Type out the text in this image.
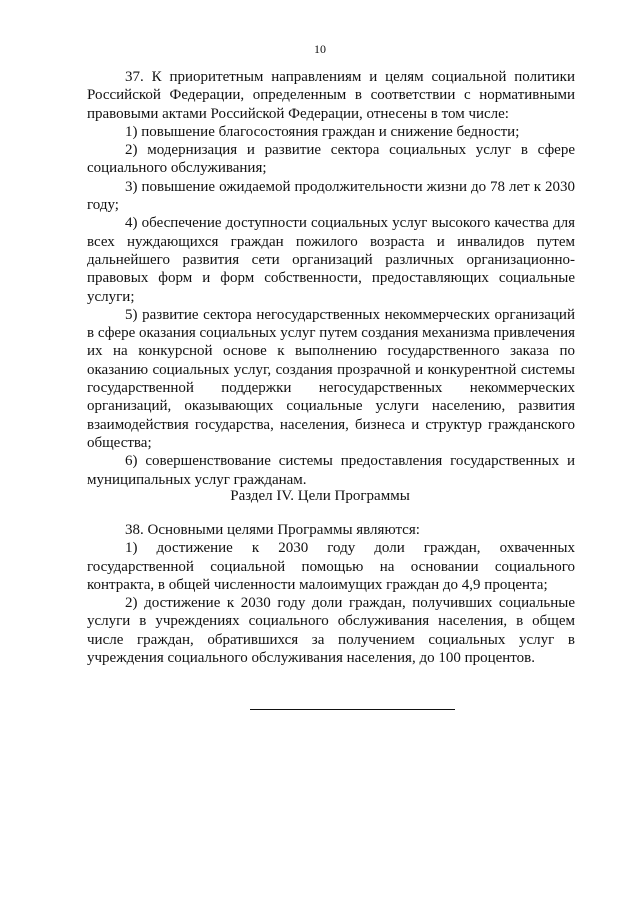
10

37. К приоритетным направлениям и целям социальной политики Российской Федерации, определенным в соответствии с нормативными правовыми актами Российской Федерации, отнесены в том числе:

1) повышение благосостояния граждан и снижение бедности;

2) модернизация и развитие сектора социальных услуг в сфере социального обслуживания;

3) повышение ожидаемой продолжительности жизни до 78 лет к 2030 году;

4) обеспечение доступности социальных услуг высокого качества для всех нуждающихся граждан пожилого возраста и инвалидов путем дальнейшего развития сети организаций различных организационно-правовых форм и форм собственности, предоставляющих социальные услуги;

5) развитие сектора негосударственных некоммерческих организаций в сфере оказания социальных услуг путем создания механизма привлечения их на конкурсной основе к выполнению государственного заказа по оказанию социальных услуг, создания прозрачной и конкурентной системы государственной поддержки негосударственных некоммерческих организаций, оказывающих социальные услуги населению, развития взаимодействия государства, населения, бизнеса и структур гражданского общества;

6) совершенствование системы предоставления государственных и муниципальных услуг гражданам.

Раздел IV. Цели Программы

38. Основными целями Программы являются:

1) достижение к 2030 году доли граждан, охваченных государственной социальной помощью на основании социального контракта, в общей численности малоимущих граждан до 4,9 процента;

2) достижение к 2030 году доли граждан, получивших социальные услуги в учреждениях социального обслуживания населения, в общем числе граждан, обратившихся за получением социальных услуг в учреждения социального обслуживания населения, до 100 процентов.
